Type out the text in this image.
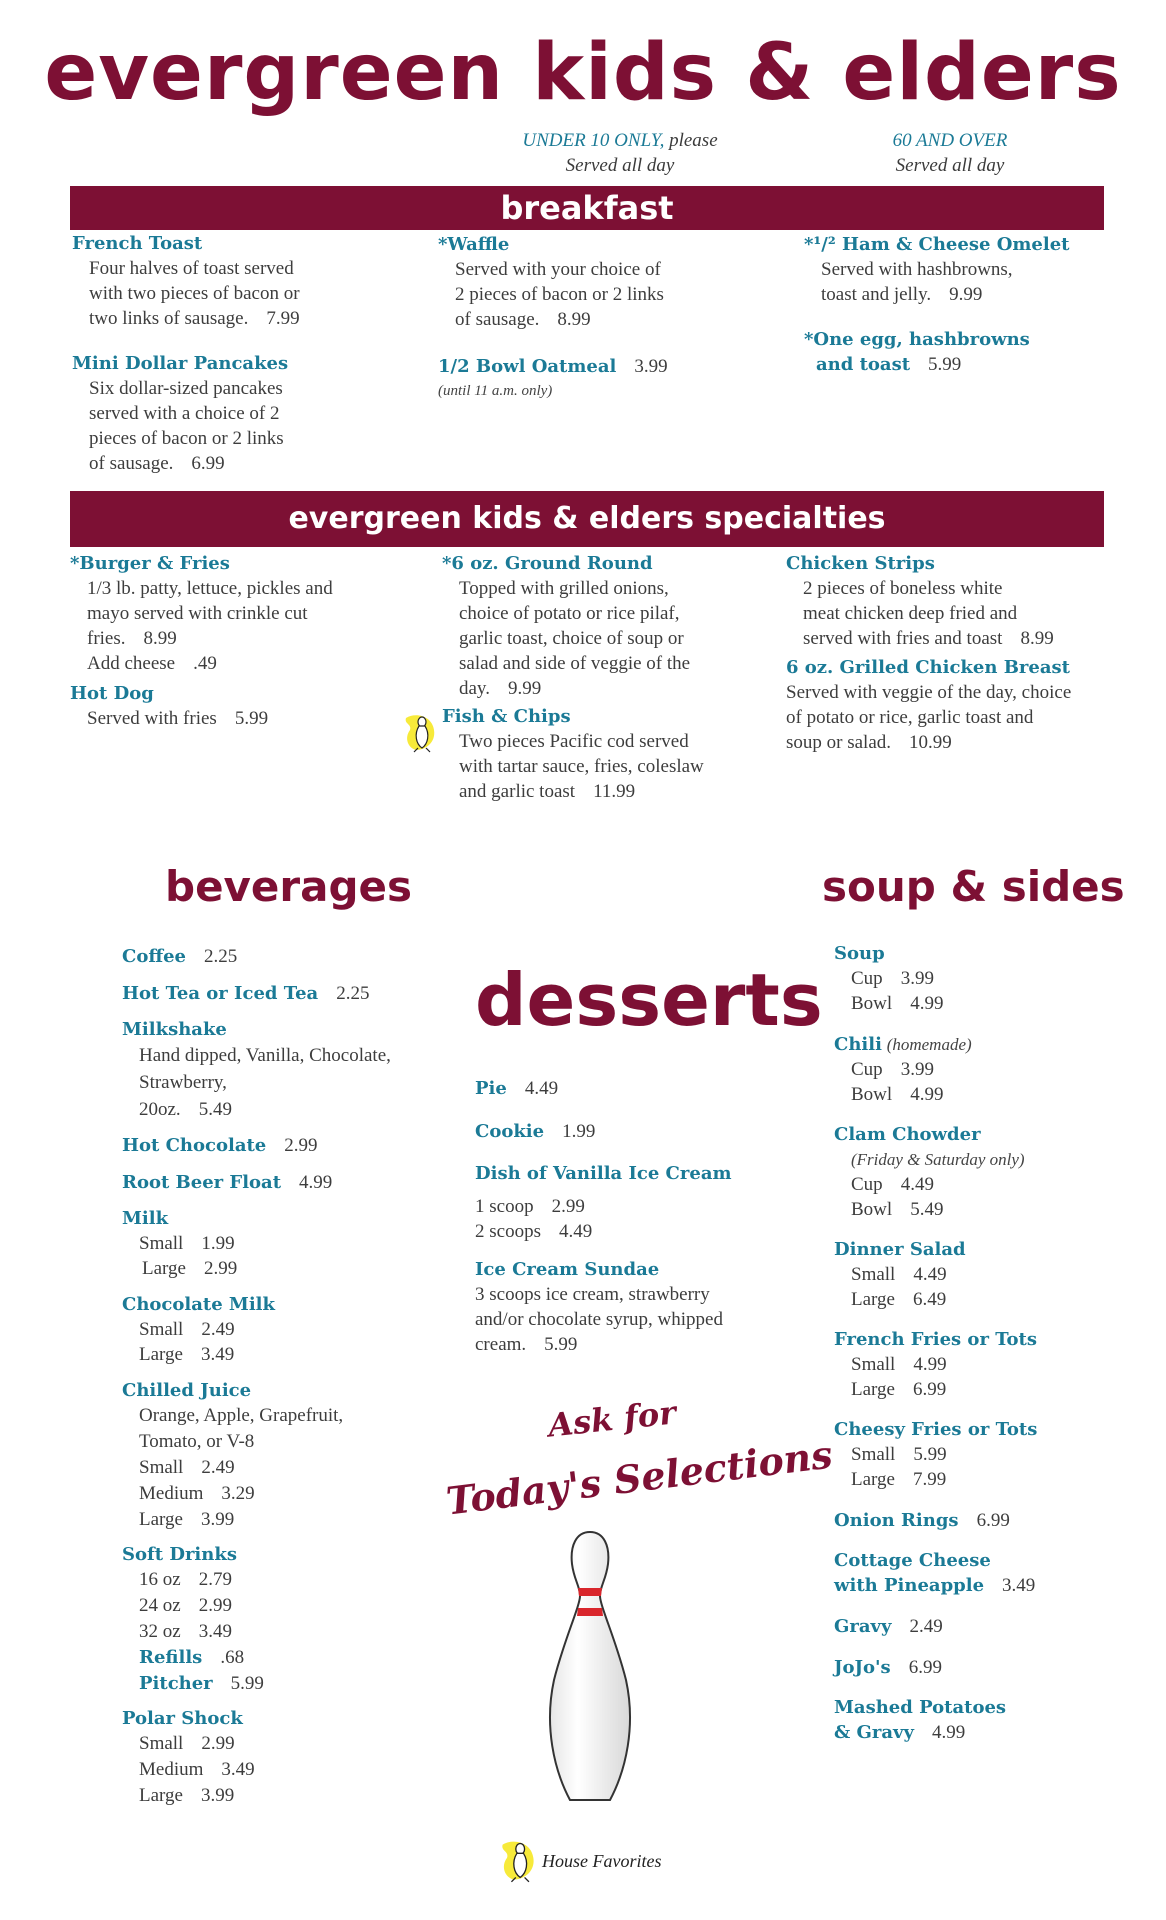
evergreen kids & elders
UNDER 10 ONLY, please
Served all day
60 AND OVER
Served all day
breakfast
French Toast
Four halves of toast served
with two pieces of bacon or
two links of sausage. 7.99
Mini Dollar Pancakes
Six dollar-sized pancakes
served with a choice of 2
pieces of bacon or 2 links
of sausage. 6.99
*Waffle
Served with your choice of
2 pieces of bacon or 2 links
of sausage. 8.99
1/2 Bowl Oatmeal 3.99
(until 11 a.m. only)
*¹/² Ham & Cheese Omelet
Served with hashbrowns,
toast and jelly. 9.99
*One egg, hashbrowns
and toast 5.99
evergreen kids & elders specialties
*Burger & Fries
1/3 lb. patty, lettuce, pickles and
mayo served with crinkle cut
fries. 8.99
Add cheese .49
Hot Dog
Served with fries 5.99
*6 oz. Ground Round
Topped with grilled onions,
choice of potato or rice pilaf,
garlic toast, choice of soup or
salad and side of veggie of the
day. 9.99
Fish & Chips
Two pieces Pacific cod served
with tartar sauce, fries, coleslaw
and garlic toast 11.99
Chicken Strips
2 pieces of boneless white
meat chicken deep fried and
served with fries and toast 8.99
6 oz. Grilled Chicken Breast
Served with veggie of the day, choice
of potato or rice, garlic toast and
soup or salad. 10.99
beverages
Coffee 2.25
Hot Tea or Iced Tea 2.25
Milkshake
Hand dipped, Vanilla, Chocolate,
Strawberry,
20oz. 5.49
Hot Chocolate 2.99
Root Beer Float 4.99
Milk
Small 1.99
Large 2.99
Chocolate Milk
Small 2.49
Large 3.49
Chilled Juice
Orange, Apple, Grapefruit,
Tomato, or V-8
Small 2.49
Medium 3.29
Large 3.99
Soft Drinks
16 oz 2.79
24 oz 2.99
32 oz 3.49
Refills .68
Pitcher 5.99
Polar Shock
Small 2.99
Medium 3.49
Large 3.99
desserts
Pie 4.49
Cookie 1.99
Dish of Vanilla Ice Cream
1 scoop 2.99
2 scoops 4.49
Ice Cream Sundae
3 scoops ice cream, strawberry
and/or chocolate syrup, whipped
cream. 5.99
Ask for
Today's Selections
soup & sides
Soup
Cup 3.99
Bowl 4.99
Chili (homemade)
Cup 3.99
Bowl 4.99
Clam Chowder
(Friday & Saturday only)
Cup 4.49
Bowl 5.49
Dinner Salad
Small 4.49
Large 6.49
French Fries or Tots
Small 4.99
Large 6.99
Cheesy Fries or Tots
Small 5.99
Large 7.99
Onion Rings 6.99
Cottage Cheese
with Pineapple 3.49
Gravy 2.49
JoJo's 6.99
Mashed Potatoes
& Gravy 4.99
House Favorites
